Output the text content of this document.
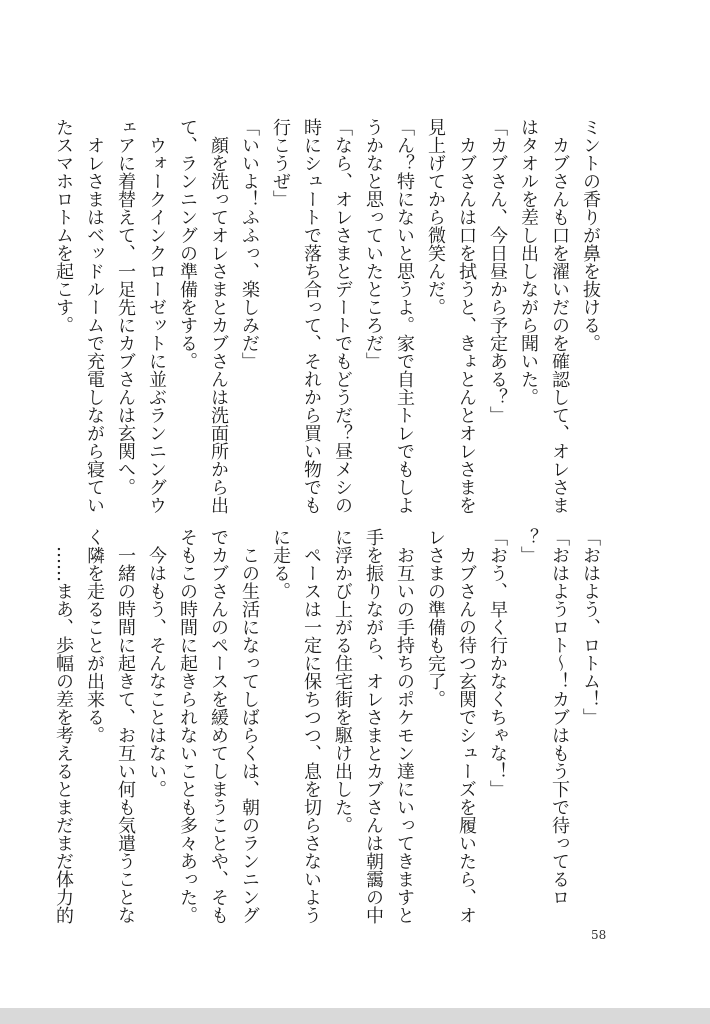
ミントの香りが鼻を抜ける。
　カブさんも口を濯いだのを確認して、オレさま
はタオルを差し出しながら聞いた。
「カブさん、今日昼から予定ある？」
　カブさんは口を拭うと、きょとんとオレさまを
見上げてから微笑んだ。
「ん？特にないと思うよ。家で自主トレでもしよ
うかなと思っていたところだ」
「なら、オレさまとデートでもどうだ？昼メシの
時にシュートで落ち合って、それから買い物でも
行こうぜ」
「いいよ！ふふっ、楽しみだ」
　顔を洗ってオレさまとカブさんは洗面所から出
て、ランニングの準備をする。
　ウォークインクローゼットに並ぶランニングウ
ェアに着替えて、一足先にカブさんは玄関へ。
　オレさまはベッドルームで充電しながら寝てい
たスマホロトムを起こす。
「おはよう、ロトム！」
「おはようロト〜！カブはもう下で待ってるロ
？」
「おう、早く行かなくちゃな！」
　カブさんの待つ玄関でシューズを履いたら、オ
レさまの準備も完了。
　お互いの手持ちのポケモン達にいってきますと
手を振りながら、オレさまとカブさんは朝靄の中
に浮かび上がる住宅街を駆け出した。
　ペースは一定に保ちつつ、息を切らさないよう
に走る。
　この生活になってしばらくは、朝のランニング
でカブさんのペースを緩めてしまうことや、そも
そもこの時間に起きられないことも多々あった。
　今はもう、そんなことはない。
　一緒の時間に起きて、お互い何も気遣うことな
く隣を走ることが出来る。
　……まあ、歩幅の差を考えるとまだまだ体力的
58
